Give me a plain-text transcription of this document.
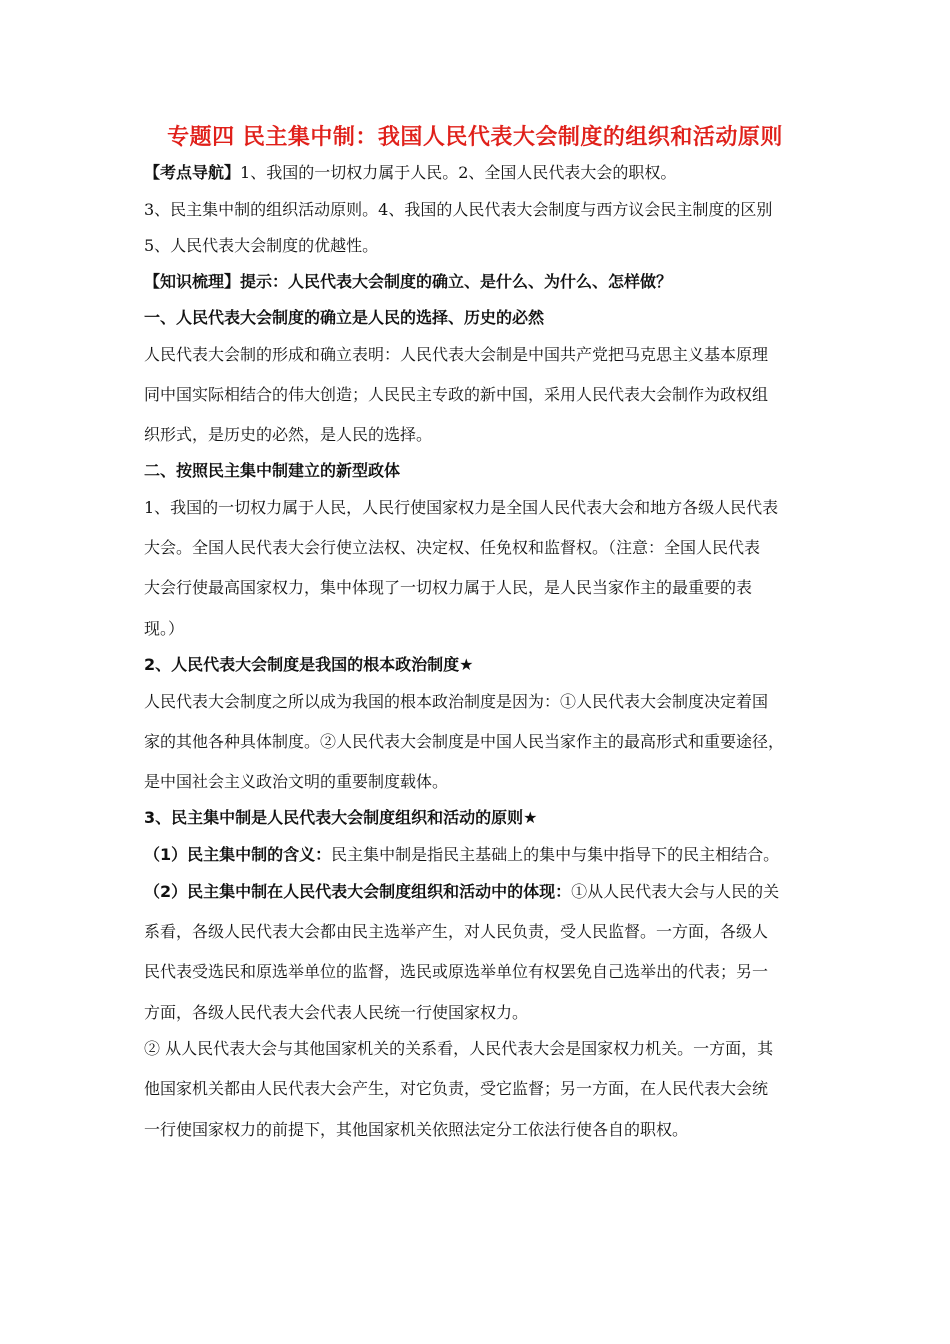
专题四 民主集中制：我国人民代表大会制度的组织和活动原则
【考点导航】1、我国的一切权力属于人民。2、全国人民代表大会的职权。
3、民主集中制的组织活动原则。4、我国的人民代表大会制度与西方议会民主制度的区别
5、人民代表大会制度的优越性。
【知识梳理】提示：人民代表大会制度的确立、是什么、为什么、怎样做？
一、人民代表大会制度的确立是人民的选择、历史的必然
人民代表大会制的形成和确立表明：人民代表大会制是中国共产党把马克思主义基本原理
同中国实际相结合的伟大创造；人民民主专政的新中国，采用人民代表大会制作为政权组
织形式，是历史的必然，是人民的选择。
二、按照民主集中制建立的新型政体
1、我国的一切权力属于人民，人民行使国家权力是全国人民代表大会和地方各级人民代表
大会。全国人民代表大会行使立法权、决定权、任免权和监督权。（注意：全国人民代表
大会行使最高国家权力，集中体现了一切权力属于人民，是人民当家作主的最重要的表
现。）
2、人民代表大会制度是我国的根本政治制度★
人民代表大会制度之所以成为我国的根本政治制度是因为：①人民代表大会制度决定着国
家的其他各种具体制度。②人民代表大会制度是中国人民当家作主的最高形式和重要途径，
是中国社会主义政治文明的重要制度载体。
3、民主集中制是人民代表大会制度组织和活动的原则★
（1）民主集中制的含义：民主集中制是指民主基础上的集中与集中指导下的民主相结合。
（2）民主集中制在人民代表大会制度组织和活动中的体现：①从人民代表大会与人民的关
系看，各级人民代表大会都由民主选举产生，对人民负责，受人民监督。一方面，各级人
民代表受选民和原选举单位的监督，选民或原选举单位有权罢免自己选举出的代表；另一
方面，各级人民代表大会代表人民统一行使国家权力。
② 从人民代表大会与其他国家机关的关系看，人民代表大会是国家权力机关。一方面，其
他国家机关都由人民代表大会产生，对它负责，受它监督；另一方面，在人民代表大会统
一行使国家权力的前提下，其他国家机关依照法定分工依法行使各自的职权。
